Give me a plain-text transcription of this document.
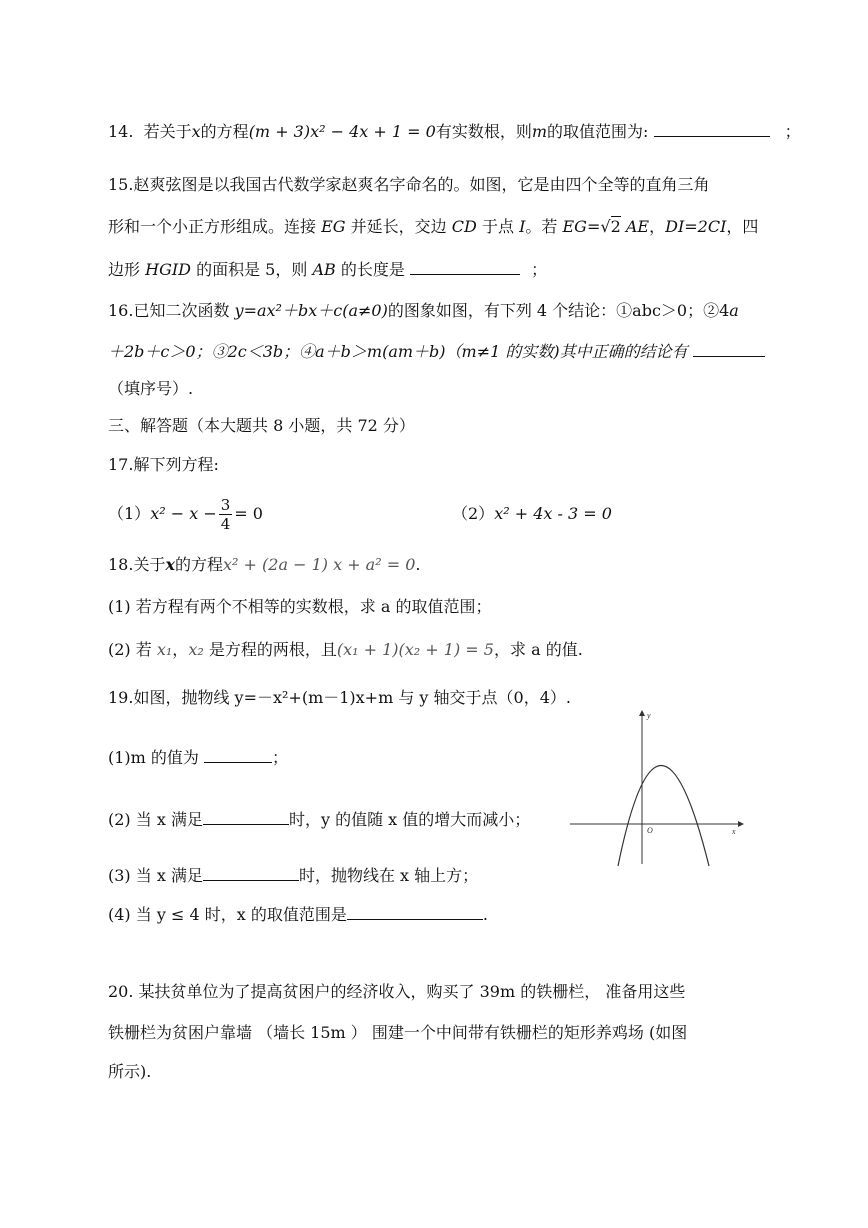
14. 若关于x的方程(m + 3)x² − 4x + 1 = 0有实数根，则m的取值范围为:	；
15.赵爽弦图是以我国古代数学家赵爽名字命名的。如图，它是由四个全等的直角三角
形和一个小正方形组成。连接 EG 并延长，交边 CD 于点 I。若 EG=√2 AE，DI=2CI，四
边形 HGID 的面积是 5，则 AB 的长度是	；
16.已知二次函数 y=ax²＋bx＋c(a≠0)的图象如图，有下列 4 个结论：①abc＞0；②4a
＋2b＋c＞0；③2c＜3b；④a＋b＞m(am＋b)（m≠1 的实数)其中正确的结论有
（填序号）.
三、解答题（本大题共 8 小题，共 72 分）
17.解下列方程:
$(1)x^2 - x - \frac{3}{4} = 0$	（2）x² + 4x - 3 = 0
18.关于x的方程x² + (2a − 1) x + a² = 0.
(1) 若方程有两个不相等的实数根，求 a 的取值范围；
(2) 若 x₁，x₂ 是方程的两根，且(x₁ + 1)(x₂ + 1) = 5，求 a 的值.
19.如图，抛物线 y=－x²+(m－1)x+m 与 y 轴交于点（0，4）.
(1)m 的值为	；
(2) 当 x 满足	时，y 的值随 x 值的增大而减小；
(3) 当 x 满足	时，抛物线在 x 轴上方；
(4) 当 y ≤ 4 时，x 的取值范围是	.
y
x
O
20. 某扶贫单位为了提高贫困户的经济收入，购买了 39m 的铁栅栏， 准备用这些
铁栅栏为贫困户靠墙 （墙长 15m ） 围建一个中间带有铁栅栏的矩形养鸡场 (如图
所示).
